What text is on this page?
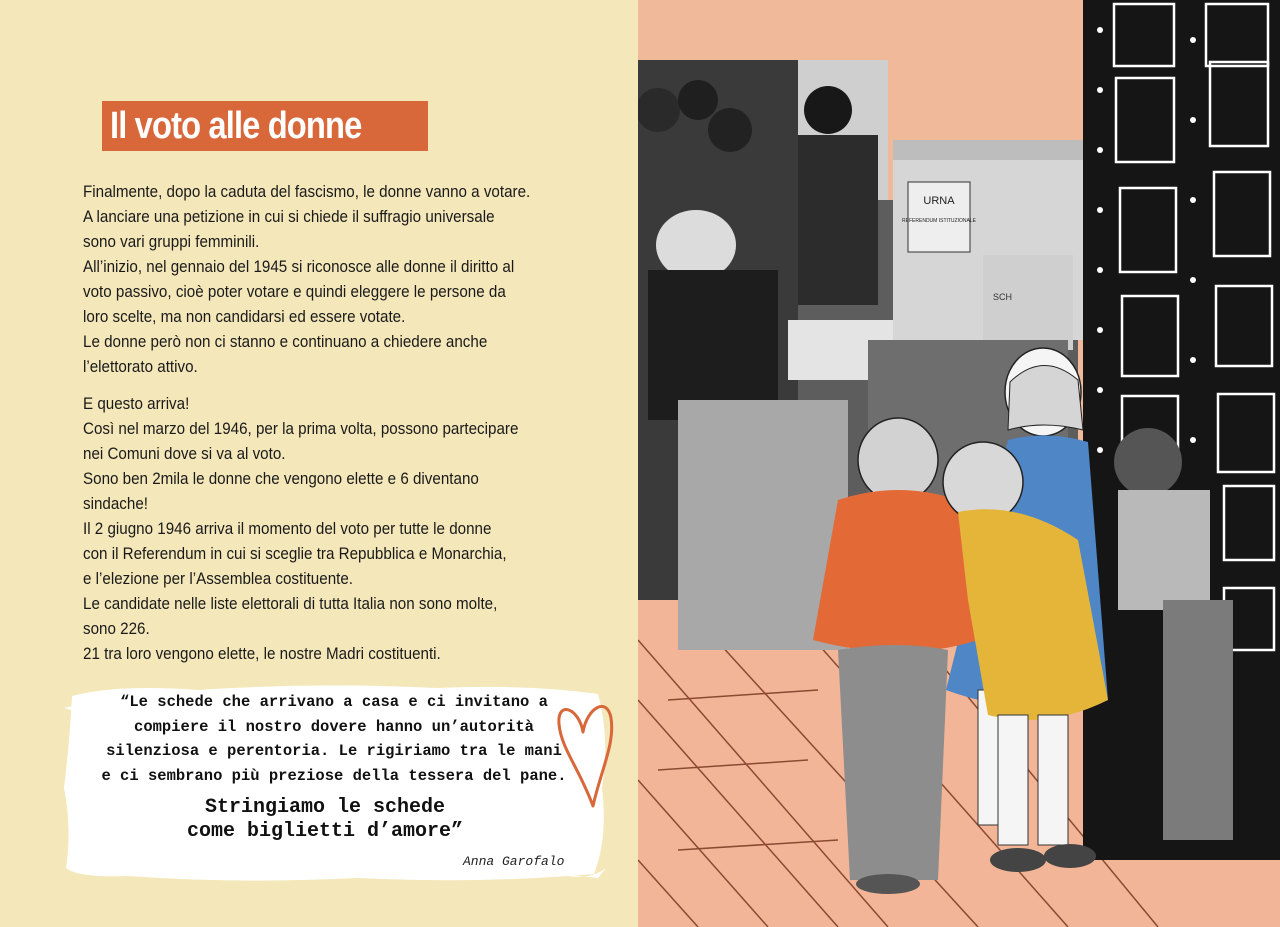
Il voto alle donne

Finalmente, dopo la caduta del fascismo, le donne vanno a votare.

A lanciare una petizione in cui si chiede il suffragio universale

sono vari gruppi femminili.

All’inizio, nel gennaio del 1945 si riconosce alle donne il diritto al

voto passivo, cioè poter votare e quindi eleggere le persone da

loro scelte, ma non candidarsi ed essere votate.

Le donne però non ci stanno e continuano a chiedere anche

l’elettorato attivo.

E questo arriva!

Così nel marzo del 1946, per la prima volta, possono partecipare

nei Comuni dove si va al voto.

Sono ben 2mila le donne che vengono elette e 6 diventano

sindache!

Il 2 giugno 1946 arriva il momento del voto per tutte le donne

con il Referendum in cui si sceglie tra Repubblica e Monarchia,

e l’elezione per l’Assemblea costituente.

Le candidate nelle liste elettorali di tutta Italia non sono molte,

sono 226.

21 tra loro vengono elette, le nostre Madri costituenti.

“Le schede che arrivano a casa e ci invitano a

compiere il nostro dovere hanno un’autorità

silenziosa e perentoria. Le rigiriamo tra le mani

e ci sembrano più preziose della tessera del pane.

Stringiamo le schede

come biglietti d’amore”

Anna Garofalo
URNA
REFERENDUM ISTITUZIONALE
SCH
